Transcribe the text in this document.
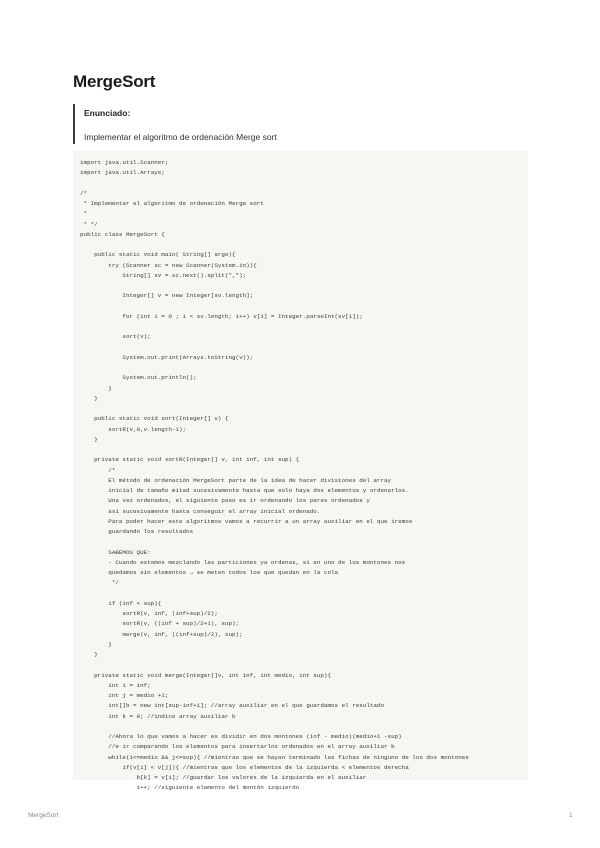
MergeSort
Enunciado:
Implementar el algoritmo de ordenación Merge sort
import java.util.Scanner;
import java.util.Arrays;

/*
* Implementar el algoritmo de ordenación Merge sort
*
* */
public class MergeSort {

public static void main( String[] args){
try (Scanner sc = new Scanner(System.in)){
String[] sv = sc.next().split(",");

Integer[] v = new Integer[sv.length];

for (int i = 0 ; i < sv.length; i++) v[i] = Integer.parseInt(sv[i]);

sort(v);

System.out.print(Arrays.toString(v));

System.out.println();
}
}

public static void sort(Integer[] v) {
sortR(v,0,v.length-1);
}

private static void sortR(Integer[] v, int inf, int sup) {
/*
El método de ordenación MergeSort parte de la idea de hacer divisiones del array
inicial de tamaño mitad sucesivamente hasta que solo haya dos elementos y ordenarlos.
Una vez ordenados, el siguiente paso es ir ordenando los pares ordenados y
así sucesivamente hasta conseguir el array inicial ordenado.
Para poder hacer este algoritmos vamos a recurrir a un array auxiliar en el que iremos
guardando los resultados

SABEMOS QUE:
- Cuando estemos mezclando las particiones ya ordenas, si en uno de los montones nos
quedamos sin elementos → se meten todos los que quedan en la cola
*/

if (inf < sup){
sortR(v, inf, (inf+sup)/2);
sortR(v, ((inf + sup)/2+1), sup);
merge(v, inf, ((inf+sup)/2), sup);
}
}

private static void merge(Integer[]v, int inf, int medio, int sup){
int i = inf;
int j = medio +1;
int[]b = new int[sup-inf+1]; //array auxiliar en el que guardamos el resultado
int k = 0; //indice array auxiliar b

//Ahora lo que vamos a hacer es dividir en dos montones (inf - medio)(medio+1 -sup)
//e ir comparando los elementos para insertarlos ordenados en el array auxiliar b
while(i<=medio && j<=sup){ //mientras que se hayan terminado las fichas de ninguno de los dos montones
if(v[i] < v[j]){ //mientras que los elementos de la izquierda < elementos derecha
b[k] = v[i]; //guardar los valores de la izquierda en el auxiliar
i++; //siguiente elemento del montón izquierdo
MergeSort	1
